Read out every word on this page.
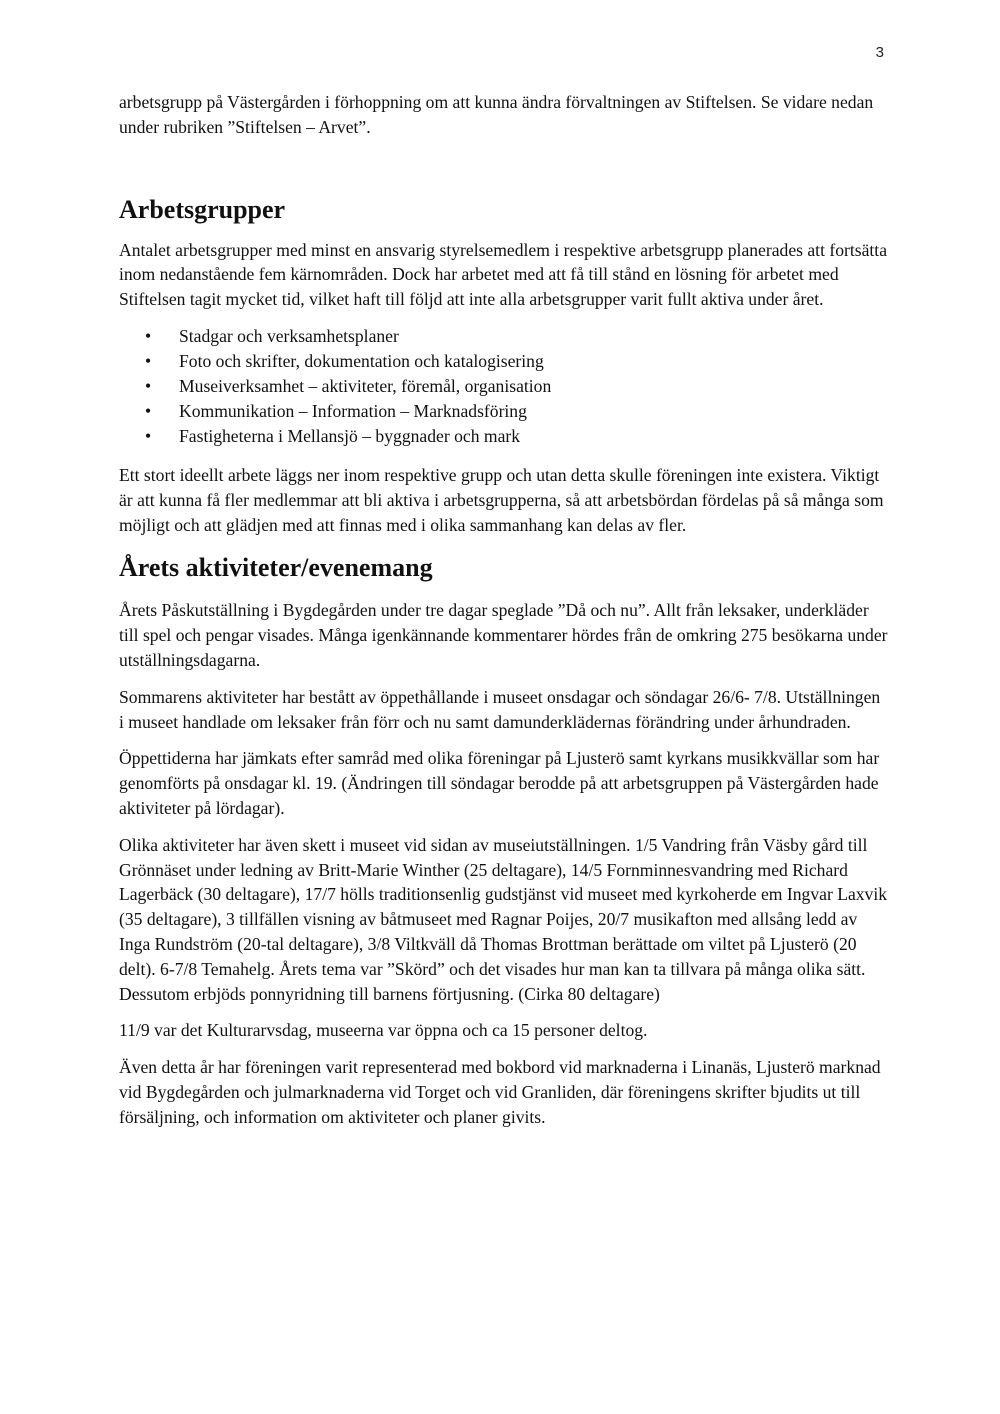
3

arbetsgrupp på Västergården i förhoppning om att kunna ändra förvaltningen av Stiftelsen. Se vidare nedan under rubriken ”Stiftelsen – Arvet”.

Arbetsgrupper

Antalet arbetsgrupper med minst en ansvarig styrelsemedlem i respektive arbetsgrupp planerades att fortsätta inom nedanstående fem kärnområden. Dock har arbetet med att få till stånd en lösning för arbetet med Stiftelsen tagit mycket tid, vilket haft till följd att inte alla arbetsgrupper varit fullt aktiva under året.

• Stadgar och verksamhetsplaner
• Foto och skrifter, dokumentation och katalogisering
• Museiverksamhet – aktiviteter, föremål, organisation
• Kommunikation – Information – Marknadsföring
• Fastigheterna i Mellansjö – byggnader och mark

Ett stort ideellt arbete läggs ner inom respektive grupp och utan detta skulle föreningen inte existera. Viktigt är att kunna få fler medlemmar att bli aktiva i arbetsgrupperna, så att arbetsbördan fördelas på så många som möjligt och att glädjen med att finnas med i olika sammanhang kan delas av fler.

Årets aktiviteter/evenemang

Årets Påskutställning i Bygdegården under tre dagar speglade ”Då och nu”. Allt från leksaker, underkläder till spel och pengar visades. Många igenkännande kommentarer hördes från de omkring 275 besökarna under utställningsdagarna.

Sommarens aktiviteter har bestått av öppethållande i museet onsdagar och söndagar 26/6- 7/8. Utställningen i museet handlade om leksaker från förr och nu samt damunderklädernas förändring under århundraden.

Öppettiderna har jämkats efter samråd med olika föreningar på Ljusterö samt kyrkans musikkvällar som har genomförts på onsdagar kl. 19. (Ändringen till söndagar berodde på att arbetsgruppen på Västergården hade aktiviteter på lördagar).

Olika aktiviteter har även skett i museet vid sidan av museiutställningen. 1/5 Vandring från Väsby gård till Grönnäset under ledning av Britt-Marie Winther (25 deltagare), 14/5 Fornminnesvandring med Richard Lagerbäck (30 deltagare), 17/7 hölls traditionsenlig gudstjänst vid museet med kyrkoherde em Ingvar Laxvik (35 deltagare), 3 tillfällen visning av båtmuseet med Ragnar Poijes, 20/7 musikafton med allsång ledd av Inga Rundström (20-tal deltagare), 3/8 Viltkväll då Thomas Brottman berättade om viltet på Ljusterö (20 delt). 6-7/8 Temahelg. Årets tema var ”Skörd” och det visades hur man kan ta tillvara på många olika sätt. Dessutom erbjöds ponnyridning till barnens förtjusning. (Cirka 80 deltagare)

11/9 var det Kulturarvsdag, museerna var öppna och ca 15 personer deltog.

Även detta år har föreningen varit representerad med bokbord vid marknaderna i Linanäs, Ljusterö marknad vid Bygdegården och julmarknaderna vid Torget och vid Granliden, där föreningens skrifter bjudits ut till försäljning, och information om aktiviteter och planer givits.
